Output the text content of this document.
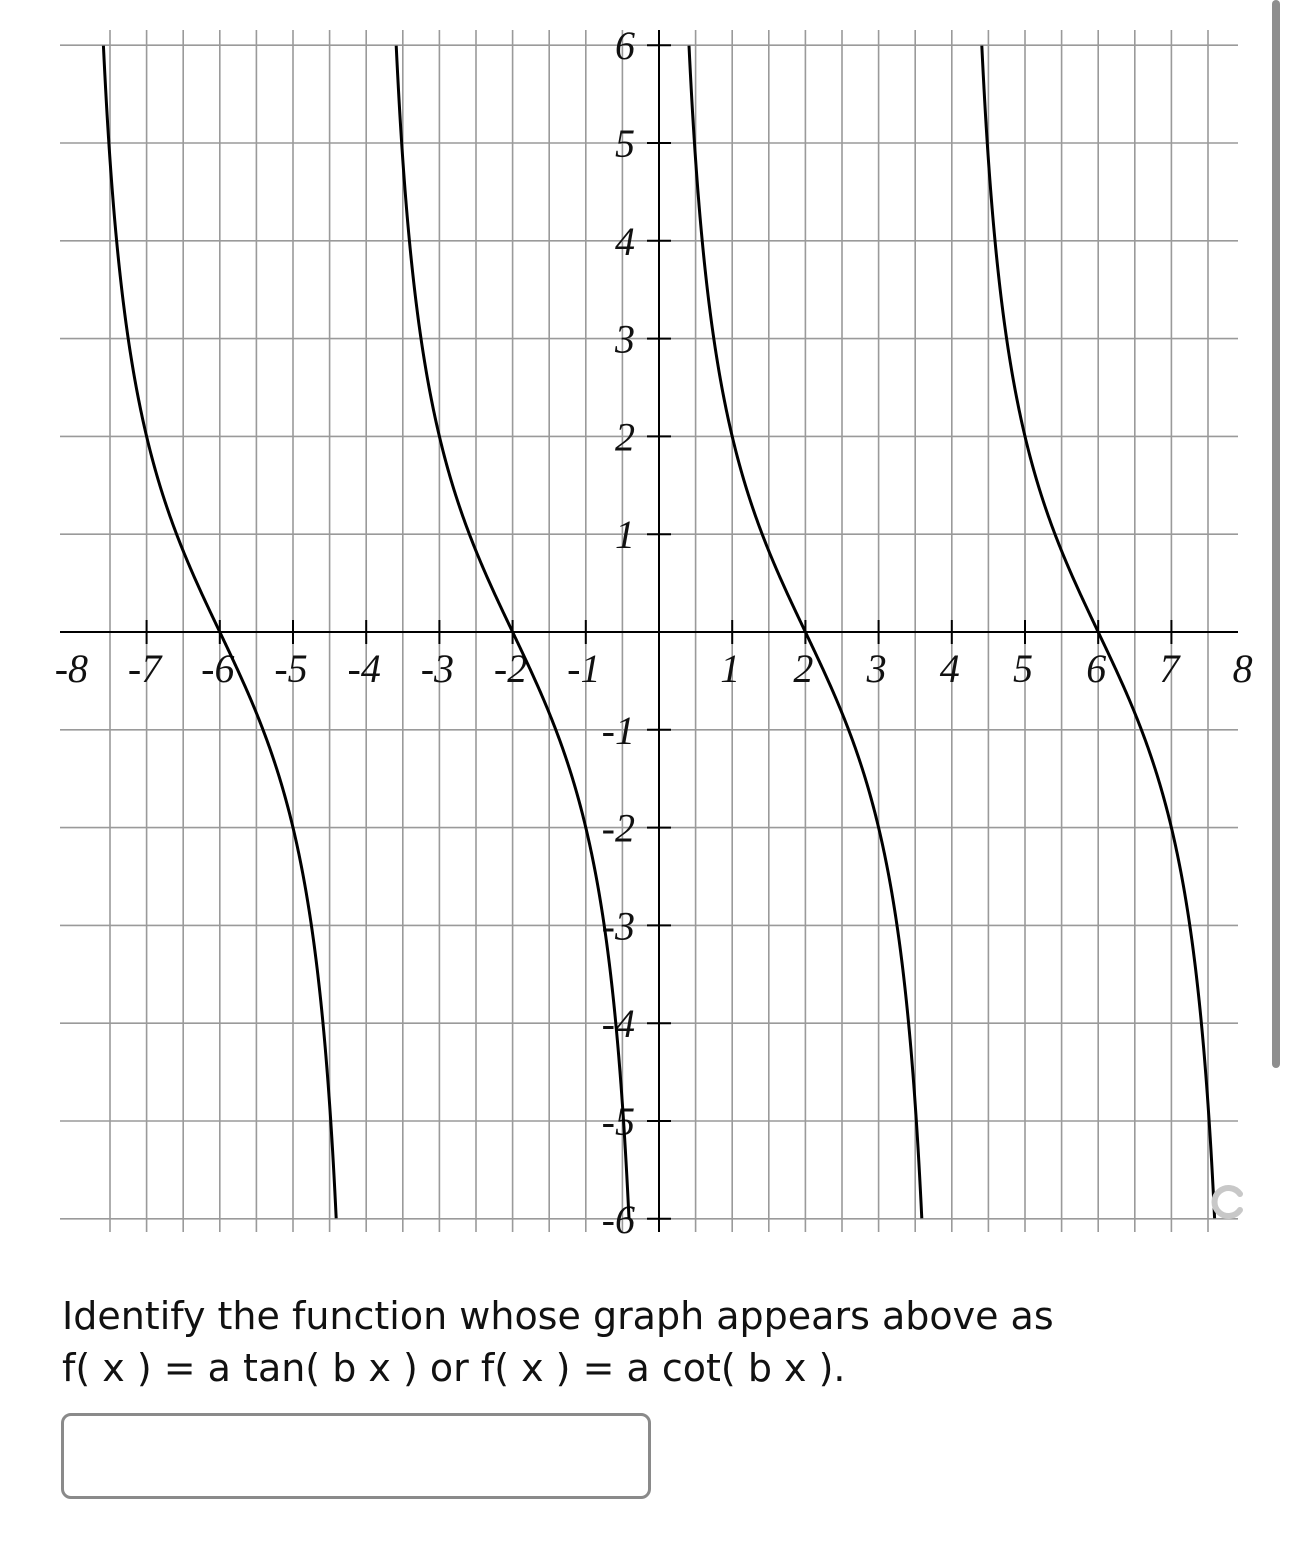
-8 -7 -6 -5 -4 -3 -2 -1	1 2 3 4 5 6 7 8
6
5
4
3
2
1
-1
-2
-3
-4
-5
-6
Identify the function whose graph appears above as
f( x ) = a tan( b x ) or f( x ) = a cot( b x ).
